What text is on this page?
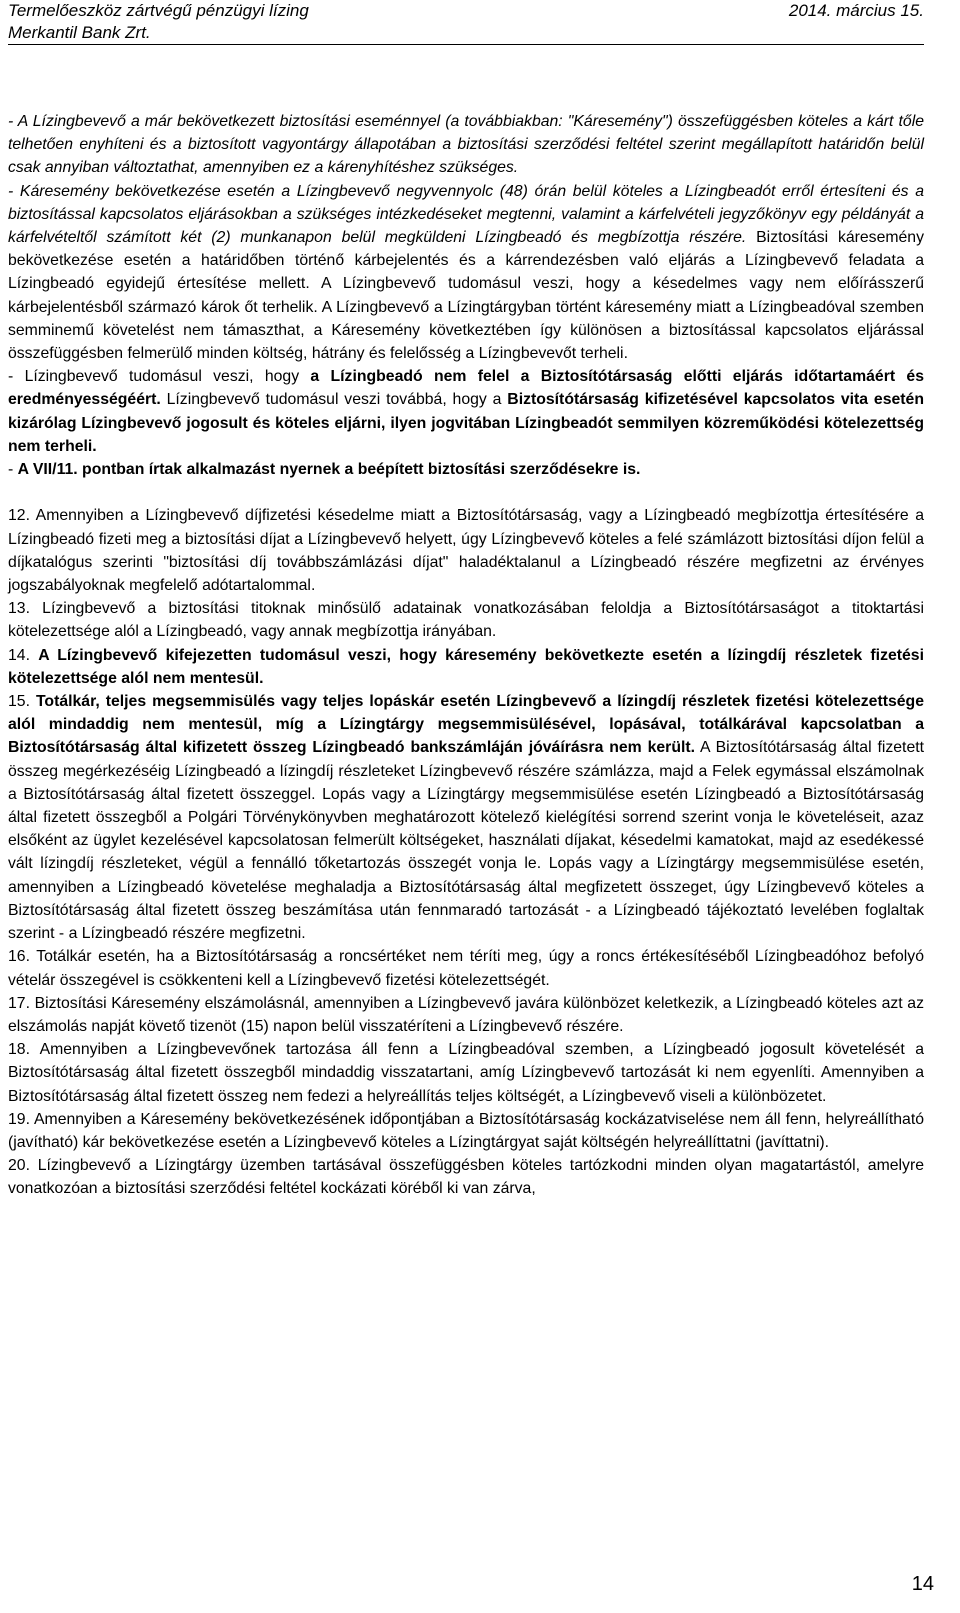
Termelőeszköz zártvégű pénzügyi lízing
Merkantil Bank Zrt.
2014. március 15.

- A Lízingbevevő a már bekövetkezett biztosítási eseménnyel (a továbbiakban: "Káresemény") összefüggésben köteles a kárt tőle telhetően enyhíteni és a biztosított vagyontárgy állapotában a biztosítási szerződési feltétel szerint megállapított határidőn belül csak annyiban változtathat, amennyiben ez a kárenyhítéshez szükséges.

- Káresemény bekövetkezése esetén a Lízingbevevő negyvennyolc (48) órán belül köteles a Lízingbeadót erről értesíteni és a biztosítással kapcsolatos eljárásokban a szükséges intézkedéseket megtenni, valamint a kárfelvételi jegyzőkönyv egy példányát a kárfelvételtől számított két (2) munkanapon belül megküldeni Lízingbeadó és megbízottja részére. Biztosítási káresemény bekövetkezése esetén a határidőben történő kárbejelentés és a kárrendezésben való eljárás a Lízingbevevő feladata a Lízingbeadó egyidejű értesítése mellett. A Lízingbevevő tudomásul veszi, hogy a késedelmes vagy nem előírásszerű kárbejelentésből származó károk őt terhelik. A Lízingbevevő a Lízingtárgyban történt káresemény miatt a Lízingbeadóval szemben semminemű követelést nem támaszthat, a Káresemény következtében így különösen a biztosítással kapcsolatos eljárással összefüggésben felmerülő minden költség, hátrány és felelősség a Lízingbevevőt terheli.

- Lízingbevevő tudomásul veszi, hogy a Lízingbeadó nem felel a Biztosítótársaság előtti eljárás időtartamáért és eredményességéért. Lízingbevevő tudomásul veszi továbbá, hogy a Biztosítótársaság kifizetésével kapcsolatos vita esetén kizárólag Lízingbevevő jogosult és köteles eljárni, ilyen jogvitában Lízingbeadót semmilyen közreműködési kötelezettség nem terheli.

- A VII/11. pontban írtak alkalmazást nyernek a beépített biztosítási szerződésekre is.

12. Amennyiben a Lízingbevevő díjfizetési késedelme miatt a Biztosítótársaság, vagy a Lízingbeadó megbízottja értesítésére a Lízingbeadó fizeti meg a biztosítási díjat a Lízingbevevő helyett, úgy Lízingbevevő köteles a felé számlázott biztosítási díjon felül a díjkatalógus szerinti "biztosítási díj továbbszámlázási díjat" haladéktalanul a Lízingbeadó részére megfizetni az érvényes jogszabályoknak megfelelő adótartalommal.

13. Lízingbevevő a biztosítási titoknak minősülő adatainak vonatkozásában feloldja a Biztosítótársaságot a titoktartási kötelezettsége alól a Lízingbeadó, vagy annak megbízottja irányában.

14. A Lízingbevevő kifejezetten tudomásul veszi, hogy káresemény bekövetkezte esetén a lízingdíj részletek fizetési kötelezettsége alól nem mentesül.

15. Totálkár, teljes megsemmisülés vagy teljes lopáskár esetén Lízingbevevő a lízingdíj részletek fizetési kötelezettsége alól mindaddig nem mentesül, míg a Lízingtárgy megsemmisülésével, lopásával, totálkárával kapcsolatban a Biztosítótársaság által kifizetett összeg Lízingbeadó bankszámláján jóváírásra nem került. A Biztosítótársaság által fizetett összeg megérkezéséig Lízingbeadó a lízingdíj részleteket Lízingbevevő részére számlázza, majd a Felek egymással elszámolnak a Biztosítótársaság által fizetett összeggel. Lopás vagy a Lízingtárgy megsemmisülése esetén Lízingbeadó a Biztosítótársaság által fizetett összegből a Polgári Törvénykönyvben meghatározott kötelező kielégítési sorrend szerint vonja le követeléseit, azaz elsőként az ügylet kezelésével kapcsolatosan felmerült költségeket, használati díjakat, késedelmi kamatokat, majd az esedékessé vált lízingdíj részleteket, végül a fennálló tőketartozás összegét vonja le. Lopás vagy a Lízingtárgy megsemmisülése esetén, amennyiben a Lízingbeadó követelése meghaladja a Biztosítótársaság által megfizetett összeget, úgy Lízingbevevő köteles a Biztosítótársaság által fizetett összeg beszámítása után fennmaradó tartozását - a Lízingbeadó tájékoztató levelében foglaltak szerint - a Lízingbeadó részére megfizetni.

16. Totálkár esetén, ha a Biztosítótársaság a roncsértéket nem téríti meg, úgy a roncs értékesítéséből Lízingbeadóhoz befolyó vételár összegével is csökkenteni kell a Lízingbevevő fizetési kötelezettségét.

17. Biztosítási Káresemény elszámolásnál, amennyiben a Lízingbevevő javára különbözet keletkezik, a Lízingbeadó köteles azt az elszámolás napját követő tizenöt (15) napon belül visszatéríteni a Lízingbevevő részére.

18. Amennyiben a Lízingbevevőnek tartozása áll fenn a Lízingbeadóval szemben, a Lízingbeadó jogosult követelését a Biztosítótársaság által fizetett összegből mindaddig visszatartani, amíg Lízingbevevő tartozását ki nem egyenlíti. Amennyiben a Biztosítótársaság által fizetett összeg nem fedezi a helyreállítás teljes költségét, a Lízingbevevő viseli a különbözetet.

19. Amennyiben a Káresemény bekövetkezésének időpontjában a Biztosítótársaság kockázatviselése nem áll fenn, helyreállítható (javítható) kár bekövetkezése esetén a Lízingbevevő köteles a Lízingtárgyat saját költségén helyreállíttatni (javíttatni).

20. Lízingbevevő a Lízingtárgy üzemben tartásával összefüggésben köteles tartózkodni minden olyan magatartástól, amelyre vonatkozóan a biztosítási szerződési feltétel kockázati köréből ki van zárva,

14
